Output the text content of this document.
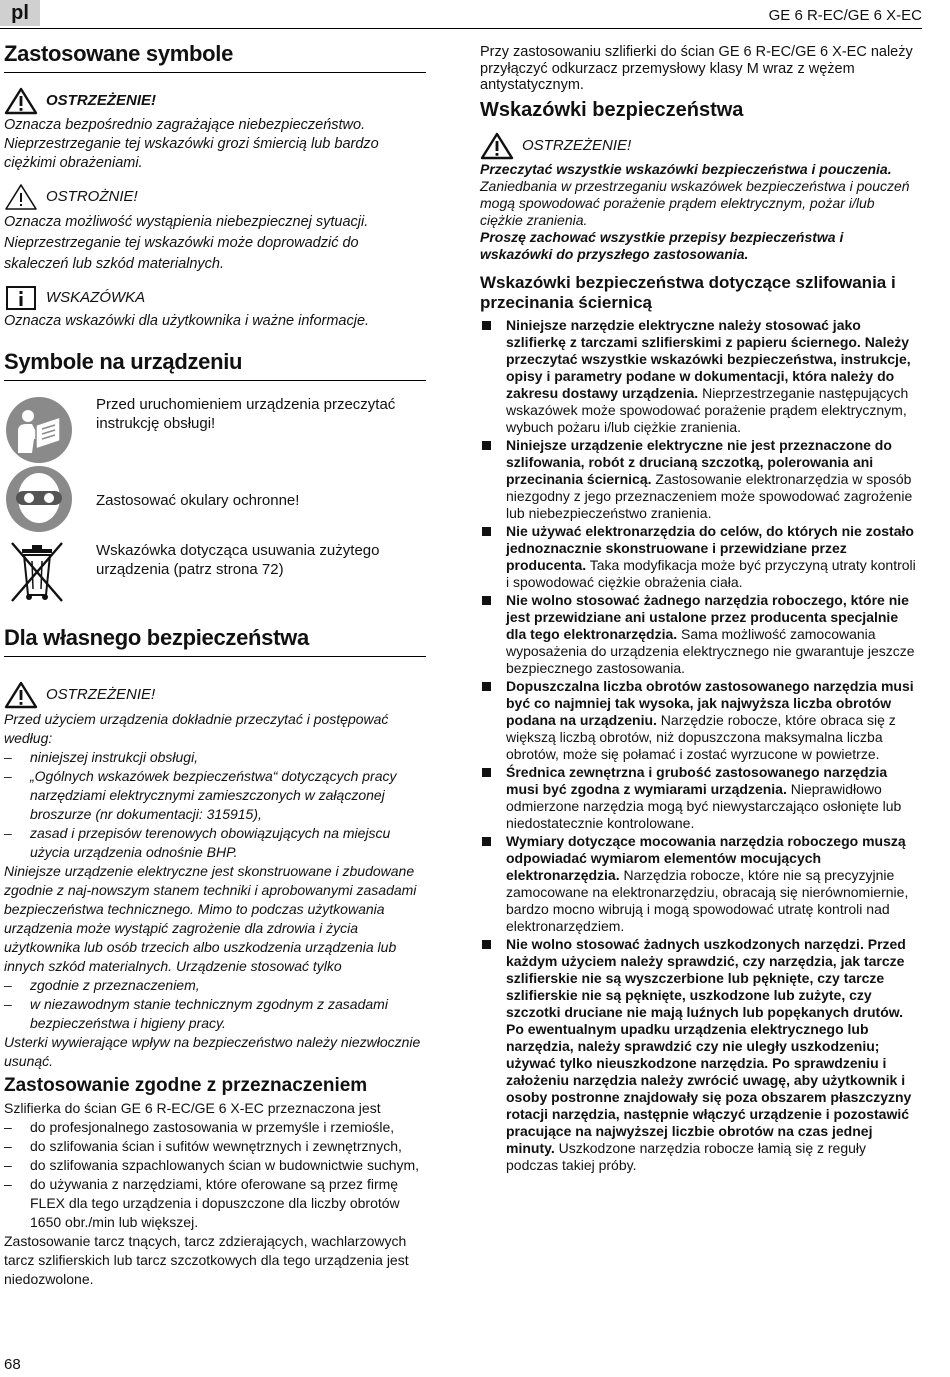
pl	GE 6 R-EC/GE 6 X-EC
Zastosowane symbole
OSTRZEŻENIE!

Oznacza bezpośrednio zagrażające niebezpieczeństwo. Nieprzestrzeganie tej wskazówki grozi śmiercią lub bardzo ciężkimi obrażeniami.

OSTROŻNIE!

Oznacza możliwość wystąpienia niebezpiecznej sytuacji. Nieprzestrzeganie tej wskazówki może doprowadzić do skaleczeń lub szkód materialnych.

WSKAZÓWKA

Oznacza wskazówki dla użytkownika i ważne informacje.

Symbole na urządzeniu

Przed uruchomieniem urządzenia przeczytać instrukcję obsługi!

Zastosować okulary ochronne!

Wskazówka dotycząca usuwania zużytego urządzenia (patrz strona 72)

Dla własnego bezpieczeństwa
OSTRZEŻENIE!

Przed użyciem urządzenia dokładnie przeczytać i postępować według:

–	niniejszej instrukcji obsługi,
–	„Ogólnych wskazówek bezpieczeństwa“ dotyczących pracy narzędziami elektrycznymi zamieszczonych w załączonej broszurze (nr dokumentacji: 315915),
–	zasad i przepisów terenowych obowiązujących na miejscu użycia urządzenia odnośnie BHP.

Niniejsze urządzenie elektryczne jest skonstruowane i zbudowane zgodnie z naj-nowszym stanem techniki i aprobowanymi zasadami bezpieczeństwa technicznego. Mimo to podczas użytkowania urządzenia może wystąpić zagrożenie dla zdrowia i życia użytkownika lub osób trzecich albo uszkodzenia urządzenia lub innych szkód materialnych. Urządzenie stosować tylko

–	zgodnie z przeznaczeniem,
–	w niezawodnym stanie technicznym zgodnym z zasadami bezpieczeństwa i higieny pracy.

Usterki wywierające wpływ na bezpieczeństwo należy niezwłocznie usunąć.

Zastosowanie zgodne z przeznaczeniem

Szlifierka do ścian GE 6 R-EC/GE 6 X-EC przeznaczona jest

–	do profesjonalnego zastosowania w przemyśle i rzemiośle,
–	do szlifowania ścian i sufitów wewnętrznych i zewnętrznych,
–	do szlifowania szpachlowanych ścian w budownictwie suchym,
–	do używania z narzędziami, które oferowane są przez firmę FLEX dla tego urządzenia i dopuszczone dla liczby obrotów 1650 obr./min lub większej.

Zastosowanie tarcz tnących, tarcz zdzierających, wachlarzowych tarcz szlifierskich lub tarcz szczotkowych dla tego urządzenia jest niedozwolone.

Przy zastosowaniu szlifierki do ścian GE 6 R-EC/GE 6 X-EC należy przyłączyć odkurzacz przemysłowy klasy M wraz z wężem antystatycznym.

Wskazówki bezpieczeństwa
OSTRZEŻENIE!

Przeczytać wszystkie wskazówki bezpieczeństwa i pouczenia. Zaniedbania w przestrzeganiu wskazówek bezpieczeństwa i pouczeń mogą spowodować porażenie prądem elektrycznym, pożar i/lub ciężkie zranienia.
Proszę zachować wszystkie przepisy bezpieczeństwa i wskazówki do przyszłego zastosowania.

Wskazówki bezpieczeństwa dotyczące szlifowania i przecinania ściernicą
Niniejsze narzędzie elektryczne należy stosować jako szlifierkę z tarczami szlifierskimi z papieru ściernego. Należy przeczytać wszystkie wskazówki bezpieczeństwa, instrukcje, opisy i parametry podane w dokumentacji, która należy do zakresu dostawy urządzenia. Nieprzestrzeganie następujących wskazówek może spowodować porażenie prądem elektrycznym, wybuch pożaru i/lub ciężkie zranienia.
Niniejsze urządzenie elektryczne nie jest przeznaczone do szlifowania, robót z drucianą szczotką, polerowania ani przecinania ściernicą. Zastosowanie elektronarzędzia w sposób niezgodny z jego przeznaczeniem może spowodować zagrożenie lub niebezpieczeństwo zranienia.
Nie używać elektronarzędzia do celów, do których nie zostało jednoznacznie skonstruowane i przewidziane przez producenta. Taka modyfikacja może być przyczyną utraty kontroli i spowodować ciężkie obrażenia ciała.
Nie wolno stosować żadnego narzędzia roboczego, które nie jest przewidziane ani ustalone przez producenta specjalnie dla tego elektronarzędzia. Sama możliwość zamocowania wyposażenia do urządzenia elektrycznego nie gwarantuje jeszcze bezpiecznego zastosowania.
Dopuszczalna liczba obrotów zastosowanego narzędzia musi być co najmniej tak wysoka, jak najwyższa liczba obrotów podana na urządzeniu. Narzędzie robocze, które obraca się z większą liczbą obrotów, niż dopuszczona maksymalna liczba obrotów, może się połamać i zostać wyrzucone w powietrze.
Średnica zewnętrzna i grubość zastosowanego narzędzia musi być zgodna z wymiarami urządzenia. Nieprawidłowo odmierzone narzędzia mogą być niewystarczająco osłonięte lub niedostatecznie kontrolowane.
Wymiary dotyczące mocowania narzędzia roboczego muszą odpowiadać wymiarom elementów mocujących elektronarzędzia. Narzędzia robocze, które nie są precyzyjnie zamocowane na elektronarzędziu, obracają się nierównomiernie, bardzo mocno wibrują i mogą spowodować utratę kontroli nad elektronarzędziem.
Nie wolno stosować żadnych uszkodzonych narzędzi. Przed każdym użyciem należy sprawdzić, czy narzędzia, jak tarcze szlifierskie nie są wyszczerbione lub pęknięte, czy tarcze szlifierskie nie są pęknięte, uszkodzone lub zużyte, czy szczotki druciane nie mają luźnych lub popękanych drutów. Po ewentualnym upadku urządzenia elektrycznego lub narzędzia, należy sprawdzić czy nie uległy uszkodzeniu; używać tylko nieuszkodzone narzędzia. Po sprawdzeniu i założeniu narzędzia należy zwrócić uwagę, aby użytkownik i osoby postronne znajdowały się poza obszarem płaszczyzny rotacji narzędzia, następnie włączyć urządzenie i pozostawić pracujące na najwyższej liczbie obrotów na czas jednej minuty. Uszkodzone narzędzia robocze łamią się z reguły podczas takiej próby.
68
